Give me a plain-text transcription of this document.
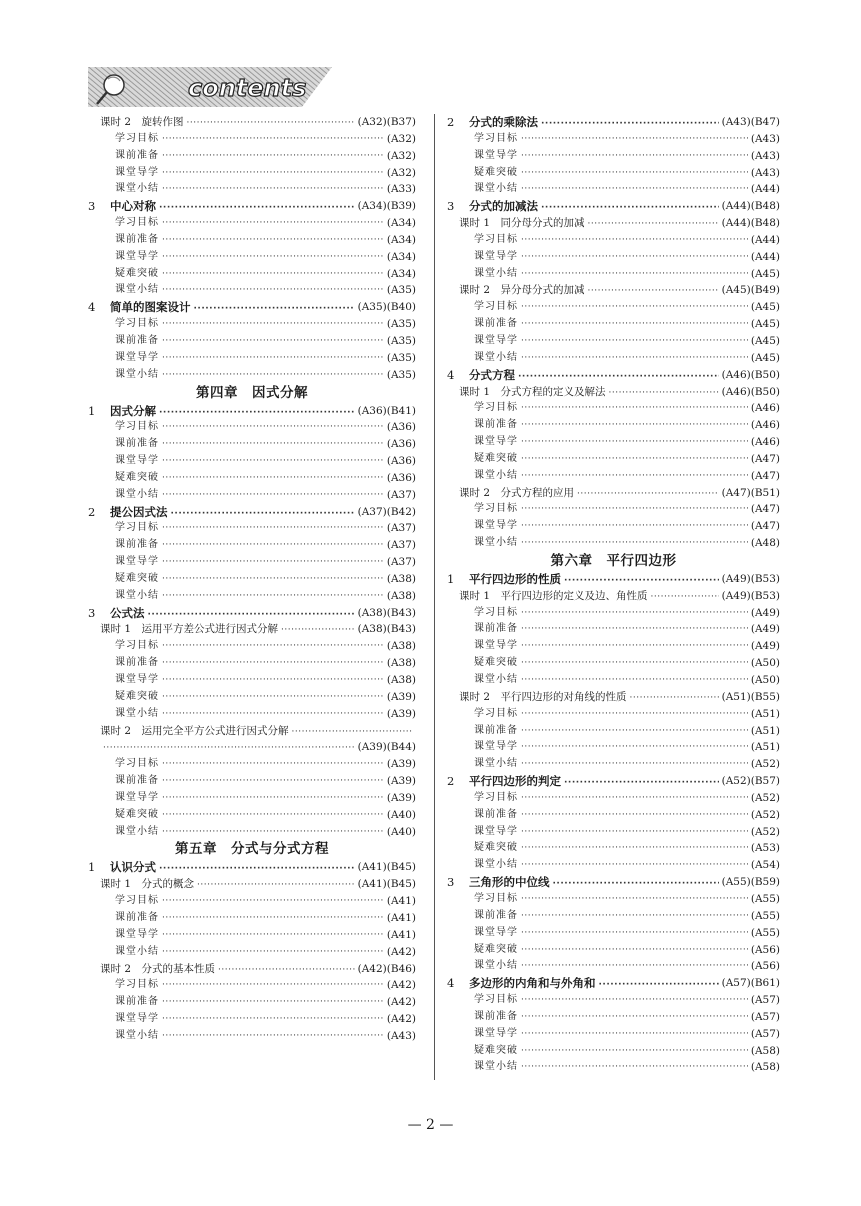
contents
课时 2　旋转作图 ·····	(A32)(B37)
学习目标 ·····	(A32)
课前准备 ·····	(A32)
课堂导学 ·····	(A32)
课堂小结 ·····	(A33)
3 中心对称 ·····	(A34)(B39)
学习目标 ·····	(A34)
课前准备 ·····	(A34)
课堂导学 ·····	(A34)
疑难突破 ·····	(A34)
课堂小结 ·····	(A35)
4 简单的图案设计 ·····	(A35)(B40)
学习目标 ·····	(A35)
课前准备 ·····	(A35)
课堂导学 ·····	(A35)
课堂小结 ·····	(A35)
第四章　因式分解
1 因式分解 ·····	(A36)(B41)
学习目标 ·····	(A36)
课前准备 ·····	(A36)
课堂导学 ·····	(A36)
疑难突破 ·····	(A36)
课堂小结 ·····	(A37)
2 提公因式法 ·····	(A37)(B42)
学习目标 ·····	(A37)
课前准备 ·····	(A37)
课堂导学 ·····	(A37)
疑难突破 ·····	(A38)
课堂小结 ·····	(A38)
3 公式法 ·····	(A38)(B43)
课时 1　运用平方差公式进行因式分解 ·····	(A38)(B43)
学习目标 ·····	(A38)
课前准备 ·····	(A38)
课堂导学 ·····	(A38)
疑难突破 ·····	(A39)
课堂小结 ·····	(A39)
课时 2　运用完全平方公式进行因式分解
·····
·····
(A39)(B44)
学习目标 ·····	(A39)
课前准备 ·····	(A39)
课堂导学 ·····	(A39)
疑难突破 ·····	(A40)
课堂小结 ·····	(A40)
第五章　分式与分式方程
1 认识分式 ·····	(A41)(B45)
课时 1　分式的概念 ·····	(A41)(B45)
学习目标 ·····	(A41)
课前准备 ·····	(A41)
课堂导学 ·····	(A41)
课堂小结 ·····	(A42)
课时 2　分式的基本性质 ·····	(A42)(B46)
学习目标 ·····	(A42)
课前准备 ·····	(A42)
课堂导学 ·····	(A42)
课堂小结 ·····	(A43)
2 分式的乘除法 ·····	(A43)(B47)
学习目标 ·····	(A43)
课堂导学 ·····	(A43)
疑难突破 ·····	(A43)
课堂小结 ·····	(A44)
3 分式的加减法 ·····	(A44)(B48)
课时 1　同分母分式的加减 ·····	(A44)(B48)
学习目标 ·····	(A44)
课堂导学 ·····	(A44)
课堂小结 ·····	(A45)
课时 2　异分母分式的加减 ·····	(A45)(B49)
学习目标 ·····	(A45)
课前准备 ·····	(A45)
课堂导学 ·····	(A45)
课堂小结 ·····	(A45)
4 分式方程 ·····	(A46)(B50)
课时 1　分式方程的定义及解法 ·····	(A46)(B50)
学习目标 ·····	(A46)
课前准备 ·····	(A46)
课堂导学 ·····	(A46)
疑难突破 ·····	(A47)
课堂小结 ·····	(A47)
课时 2　分式方程的应用 ·····	(A47)(B51)
学习目标 ·····	(A47)
课堂导学 ·····	(A47)
课堂小结 ·····	(A48)
第六章　平行四边形
1 平行四边形的性质 ·····	(A49)(B53)
课时 1　平行四边形的定义及边、角性质 ·····	(A49)(B53)
学习目标 ·····	(A49)
课前准备 ·····	(A49)
课堂导学 ·····	(A49)
疑难突破 ·····	(A50)
课堂小结 ·····	(A50)
课时 2　平行四边形的对角线的性质 ·····	(A51)(B55)
学习目标 ·····	(A51)
课前准备 ·····	(A51)
课堂导学 ·····	(A51)
课堂小结 ·····	(A52)
2 平行四边形的判定 ·····	(A52)(B57)
学习目标 ·····	(A52)
课前准备 ·····	(A52)
课堂导学 ·····	(A52)
疑难突破 ·····	(A53)
课堂小结 ·····	(A54)
3 三角形的中位线 ·····	(A55)(B59)
学习目标 ·····	(A55)
课前准备 ·····	(A55)
课堂导学 ·····	(A55)
疑难突破 ·····	(A56)
课堂小结 ·····	(A56)
4 多边形的内角和与外角和 ·····	(A57)(B61)
学习目标 ·····	(A57)
课前准备 ·····	(A57)
课堂导学 ·····	(A57)
疑难突破 ·····	(A58)
课堂小结 ·····	(A58)
— 2 —
